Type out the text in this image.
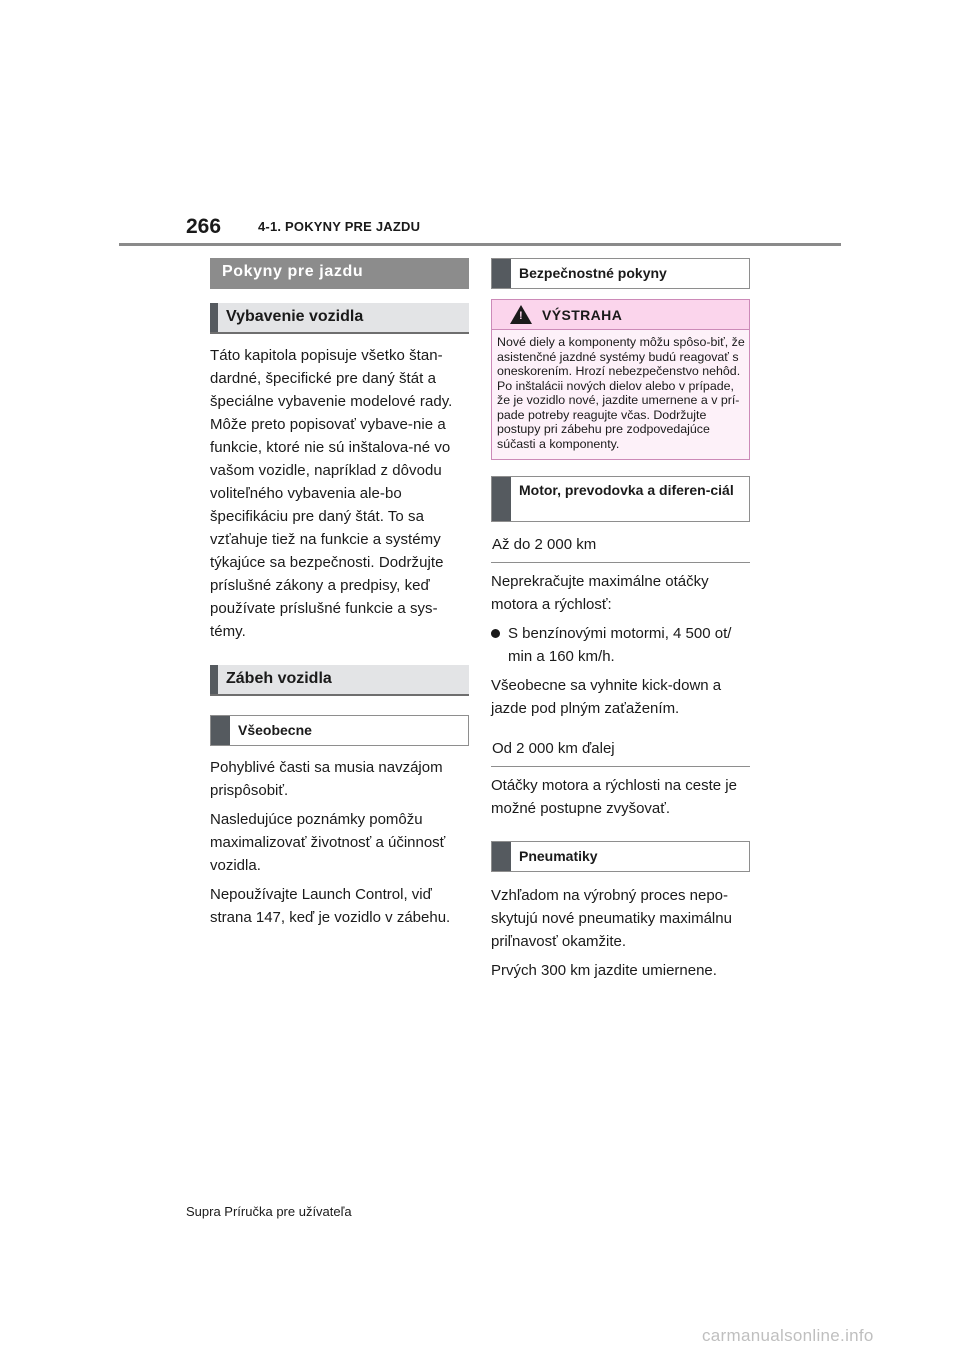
266	4-1. POKYNY PRE JAZDU
Pokyny pre jazdu
Vybavenie vozidla

Táto kapitola popisuje všetko štan-dardné, špecifické pre daný štát a špeciálne vybavenie modelové rady. Môže preto popisovať vybave-nie a funkcie, ktoré nie sú inštalova-né vo vašom vozidle, napríklad z dôvodu voliteľného vybavenia ale-bo špecifikáciu pre daný štát. To sa vzťahuje tiež na funkcie a systémy týkajúce sa bezpečnosti. Dodržujte príslušné zákony a predpisy, keď používate príslušné funkcie a sys-témy.

Zábeh vozidla
Všeobecne

Pohyblivé časti sa musia navzájom prispôsobiť.

Nasledujúce poznámky pomôžu maximalizovať životnosť a účinnosť vozidla.

Nepoužívajte Launch Control, viď strana 147, keď je vozidlo v zábehu.

Bezpečnostné pokyny
! VÝSTRAHA
Nové diely a komponenty môžu spôso-biť, že asistenčné jazdné systémy budú reagovať s oneskorením. Hrozí nebezpečenstvo nehôd. Po inštalácii nových dielov alebo v prípade, že je vozidlo nové, jazdite umernene a v prí-pade potreby reagujte včas. Dodržujte postupy pri zábehu pre zodpovedajúce súčasti a komponenty.
Motor, prevodovka a diferen-ciál
Až do 2 000 km

Neprekračujte maximálne otáčky motora a rýchlosť:

S benzínovými motormi, 4 500 ot/ min a 160 km/h.

Všeobecne sa vyhnite kick-down a jazde pod plným zaťažením.

Od 2 000 km ďalej

Otáčky motora a rýchlosti na ceste je možné postupne zvyšovať.

Pneumatiky

Vzhľadom na výrobný proces nepo-skytujú nové pneumatiky maximálnu priľnavosť okamžite.

Prvých 300 km jazdite umiernene.

Supra Príručka pre užívateľa
carmanualsonline.info
